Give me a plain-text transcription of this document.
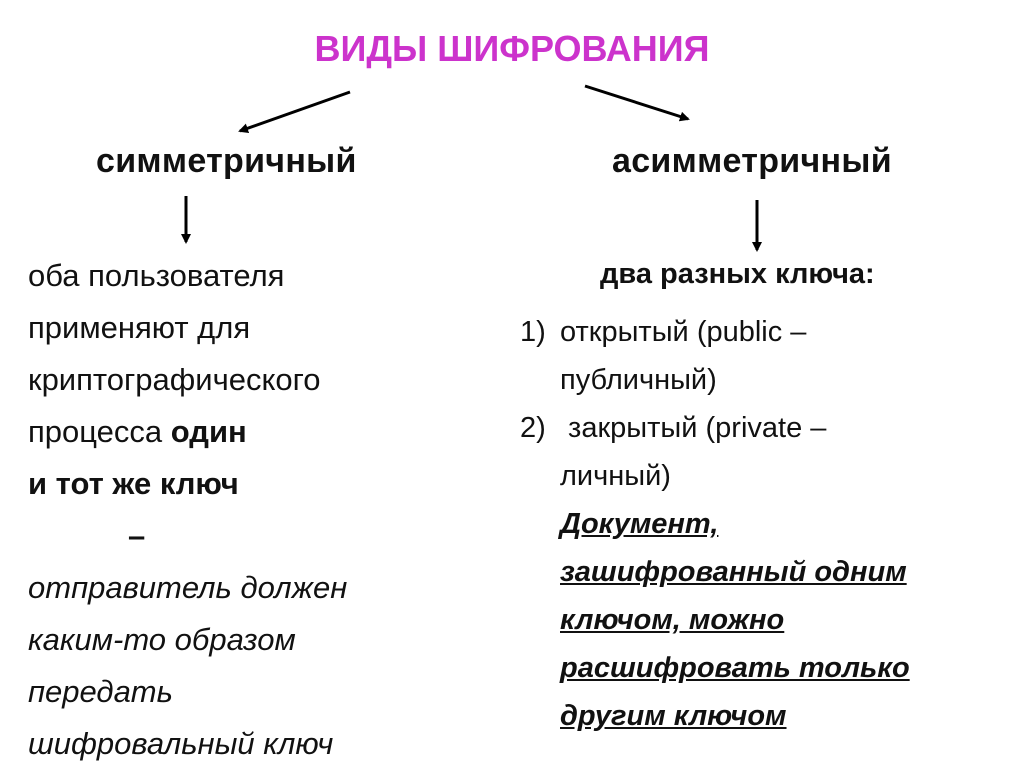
ВИДЫ ШИФРОВАНИЯ
симметричный	асимметричный
оба пользователя
применяют для
криптографического
процесса один
и тот же ключ
–
отправитель должен
каким-то образом
передать
шифровальный ключ
два разных ключа:
1) открытый (public –
публичный)
2) закрытый (private –
личный)
Документ,
зашифрованный одним
ключом, можно
расшифровать только
другим ключом
